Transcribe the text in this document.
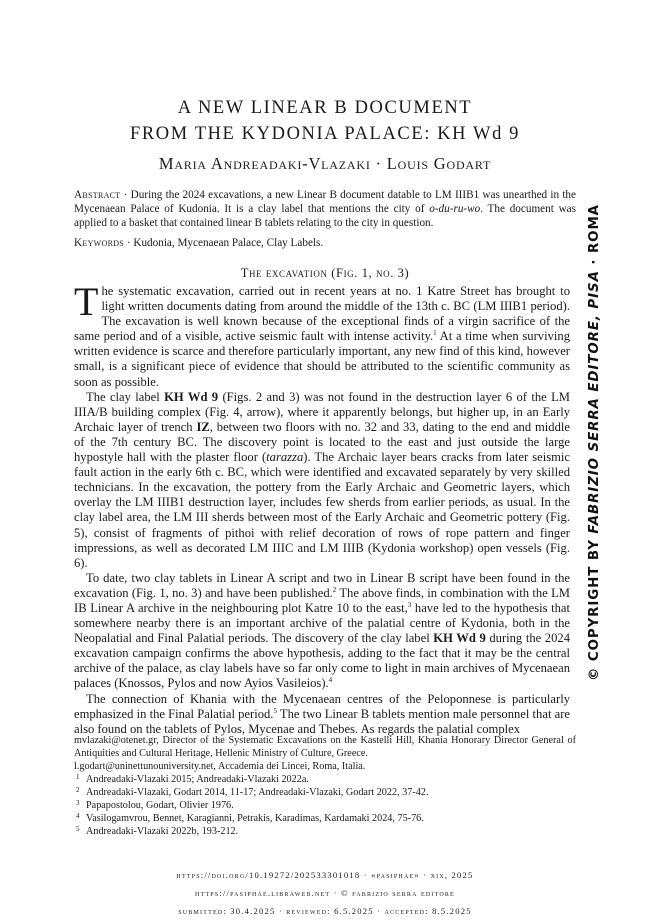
A NEW LINEAR B DOCUMENT
FROM THE KYDONIA PALACE: KH Wd 9
Maria Andreadaki-Vlazaki · Louis Godart
Abstract · During the 2024 excavations, a new Linear B document datable to LM IIIB1 was unearthed in the Mycenaean Palace of Kudonia. It is a clay label that mentions the city of o-du-ru-wo. The document was applied to a basket that contained linear B tablets relating to the city in question.
Keywords · Kudonia, Mycenaean Palace, Clay Labels.
The excavation (Fig. 1, no. 3)

The systematic excavation, carried out in recent years at no. 1 Katre Street has brought to light written documents dating from around the middle of the 13th c. BC (LM IIIB1 period). The excavation is well known because of the exceptional finds of a virgin sacrifice of the same period and of a visible, active seismic fault with intense activity.$^1$ At a time when surviving written evidence is scarce and therefore particularly important, any new find of this kind, however small, is a significant piece of evidence that should be attributed to the scientific community as soon as possible.

The clay label KH Wd 9 (Figs. 2 and 3) was not found in the destruction layer 6 of the LM IIIA/B building complex (Fig. 4, arrow), where it apparently belongs, but higher up, in an Early Archaic layer of trench IZ, between two floors with no. 32 and 33, dating to the end and middle of the 7th century BC. The discovery point is located to the east and just outside the large hypostyle hall with the plaster floor (tarazza). The Archaic layer bears cracks from later seismic fault action in the early 6th c. BC, which were identified and excavated separately by very skilled technicians. In the excavation, the pottery from the Early Archaic and Geometric layers, which overlay the LM IIIB1 destruction layer, includes few sherds from earlier periods, as usual. In the clay label area, the LM III sherds between most of the Early Archaic and Geometric pottery (Fig. 5), consist of fragments of pithoi with relief decoration of rows of rope pattern and finger impressions, as well as decorated LM IIIC and LM IIIB (Kydonia workshop) open vessels (Fig. 6).

To date, two clay tablets in Linear A script and two in Linear B script have been found in the excavation (Fig. 1, no. 3) and have been published.$^2$ The above finds, in combination with the LM IB Linear A archive in the neighbouring plot Katre 10 to the east,$^3$ have led to the hypothesis that somewhere nearby there is an important archive of the palatial centre of Kydonia, both in the Neopalatial and Final Palatial periods. The discovery of the clay label KH Wd 9 during the 2024 excavation campaign confirms the above hypothesis, adding to the fact that it may be the central archive of the palace, as clay labels have so far only come to light in main archives of Mycenaean palaces (Knossos, Pylos and now Ayios Vasileios).$^4$

The connection of Khania with the Mycenaean centres of the Peloponnese is particularly emphasized in the Final Palatial period.$^5$ The two Linear B tablets mention male personnel that are also found on the tablets of Pylos, Mycenae and Thebes. As regards the palatial complex

mvlazaki@otenet.gr, Director of the Systematic Excavations on the Kastelli Hill, Khania Honorary Director General of Antiquities and Cultural Heritage, Hellenic Ministry of Culture, Greece.
l.godart@uninettunouniversity.net, Accademia dei Lincei, Roma, Italia.
1 Andreadaki-Vlazaki 2015; Andreadaki-Vlazaki 2022a.
2 Andreadaki-Vlazaki, Godart 2014, 11-17; Andreadaki-Vlazaki, Godart 2022, 37-42.
3 Papapostolou, Godart, Olivier 1976.
4 Vasilogamvrou, Bennet, Karagianni, Petrakis, Karadimas, Kardamaki 2024, 75-76.
5 Andreadaki-Vlazaki 2022b, 193-212.
https://doi.org/10.19272/202533301018 · «pasiphae» · xix, 2025
https://pasiphae.libraweb.net · © fabrizio serra editore
submitted: 30.4.2025 · reviewed: 6.5.2025 · accepted: 8.5.2025
© COPYRIGHT BY FABRIZIO SERRA EDITORE, PISA · ROMA
